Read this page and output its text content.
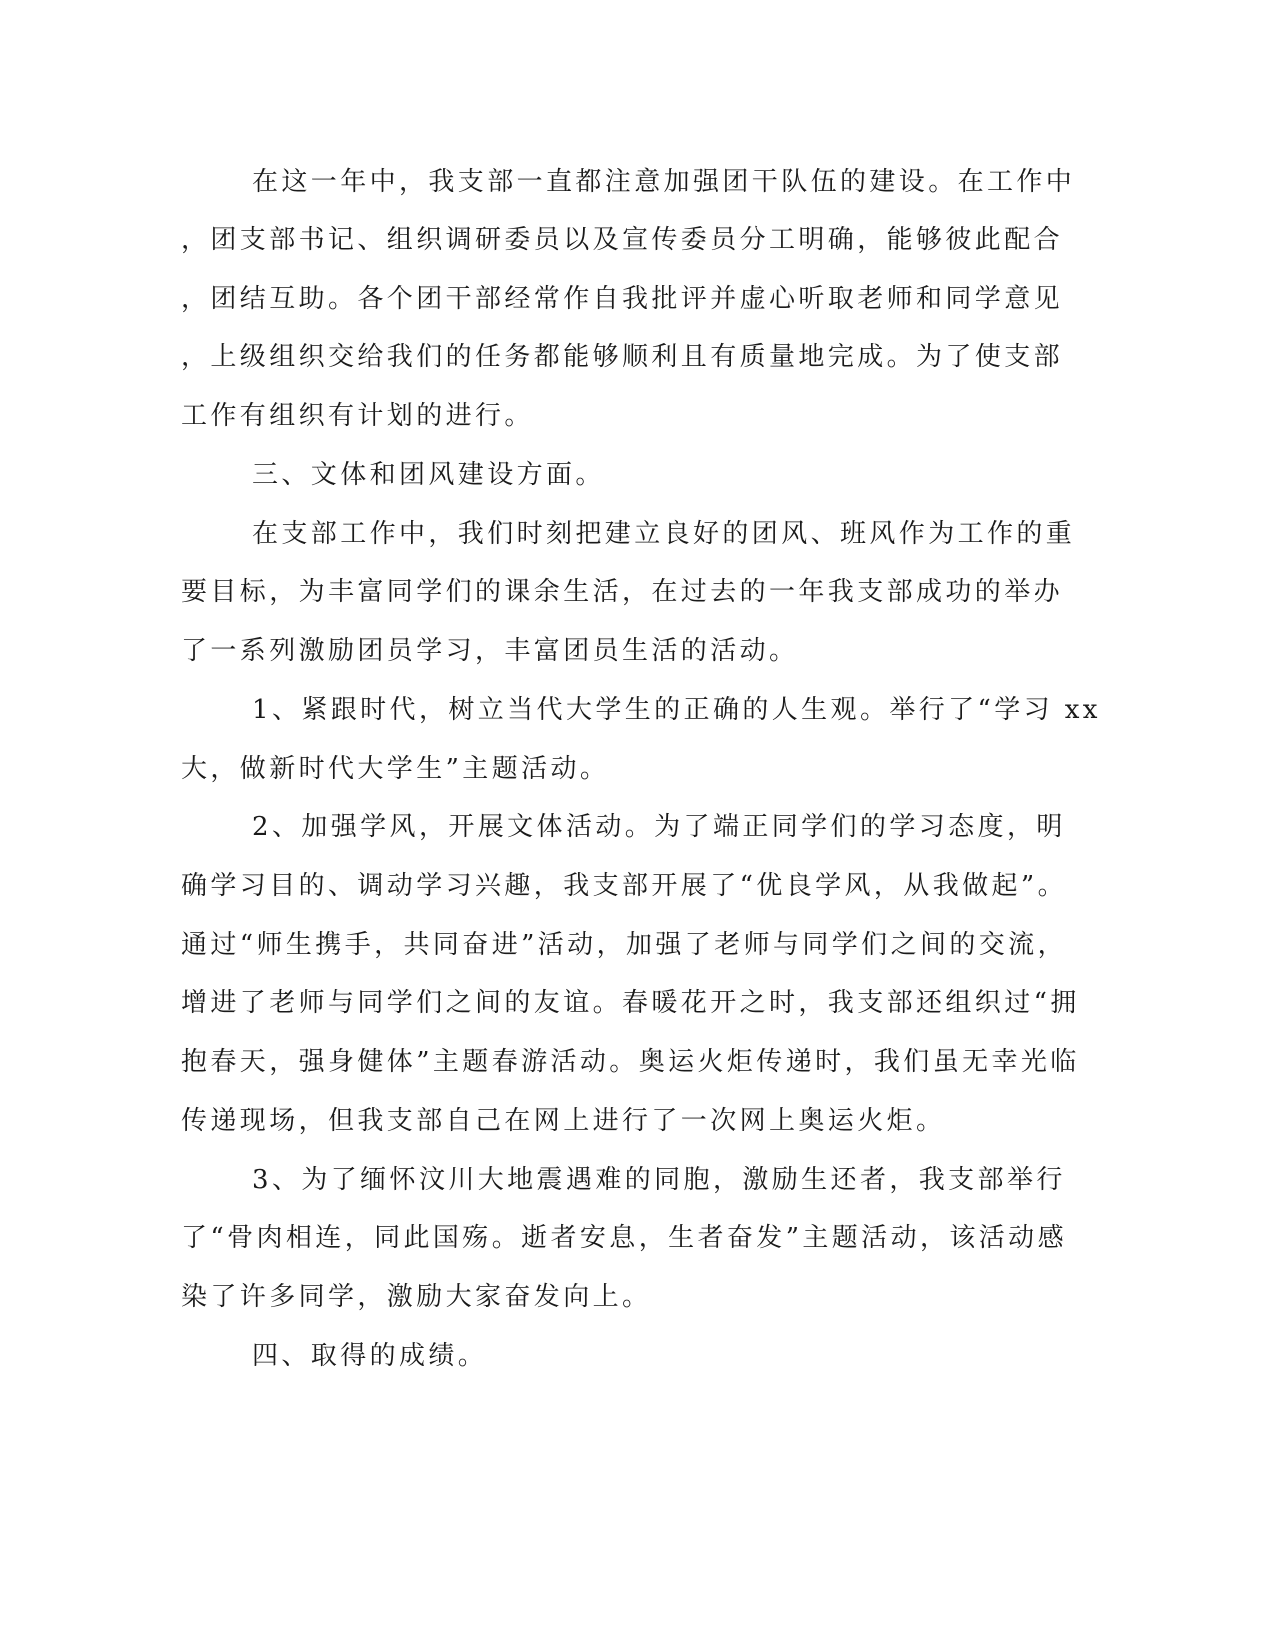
在这一年中，我支部一直都注意加强团干队伍的建设。在工作中
，团支部书记、组织调研委员以及宣传委员分工明确，能够彼此配合
，团结互助。各个团干部经常作自我批评并虚心听取老师和同学意见
，上级组织交给我们的任务都能够顺利且有质量地完成。为了使支部
工作有组织有计划的进行。
三、文体和团风建设方面。
在支部工作中，我们时刻把建立良好的团风、班风作为工作的重
要目标，为丰富同学们的课余生活，在过去的一年我支部成功的举办
了一系列激励团员学习，丰富团员生活的活动。
1、紧跟时代，树立当代大学生的正确的人生观。举行了“学习 xx
大，做新时代大学生”主题活动。
2、加强学风，开展文体活动。为了端正同学们的学习态度，明
确学习目的、调动学习兴趣，我支部开展了“优良学风，从我做起”。
通过“师生携手，共同奋进”活动，加强了老师与同学们之间的交流，
增进了老师与同学们之间的友谊。春暖花开之时，我支部还组织过“拥
抱春天，强身健体”主题春游活动。奥运火炬传递时，我们虽无幸光临
传递现场，但我支部自己在网上进行了一次网上奥运火炬。
3、为了缅怀汶川大地震遇难的同胞，激励生还者，我支部举行
了“骨肉相连，同此国殇。逝者安息，生者奋发”主题活动，该活动感
染了许多同学，激励大家奋发向上。
四、取得的成绩。
